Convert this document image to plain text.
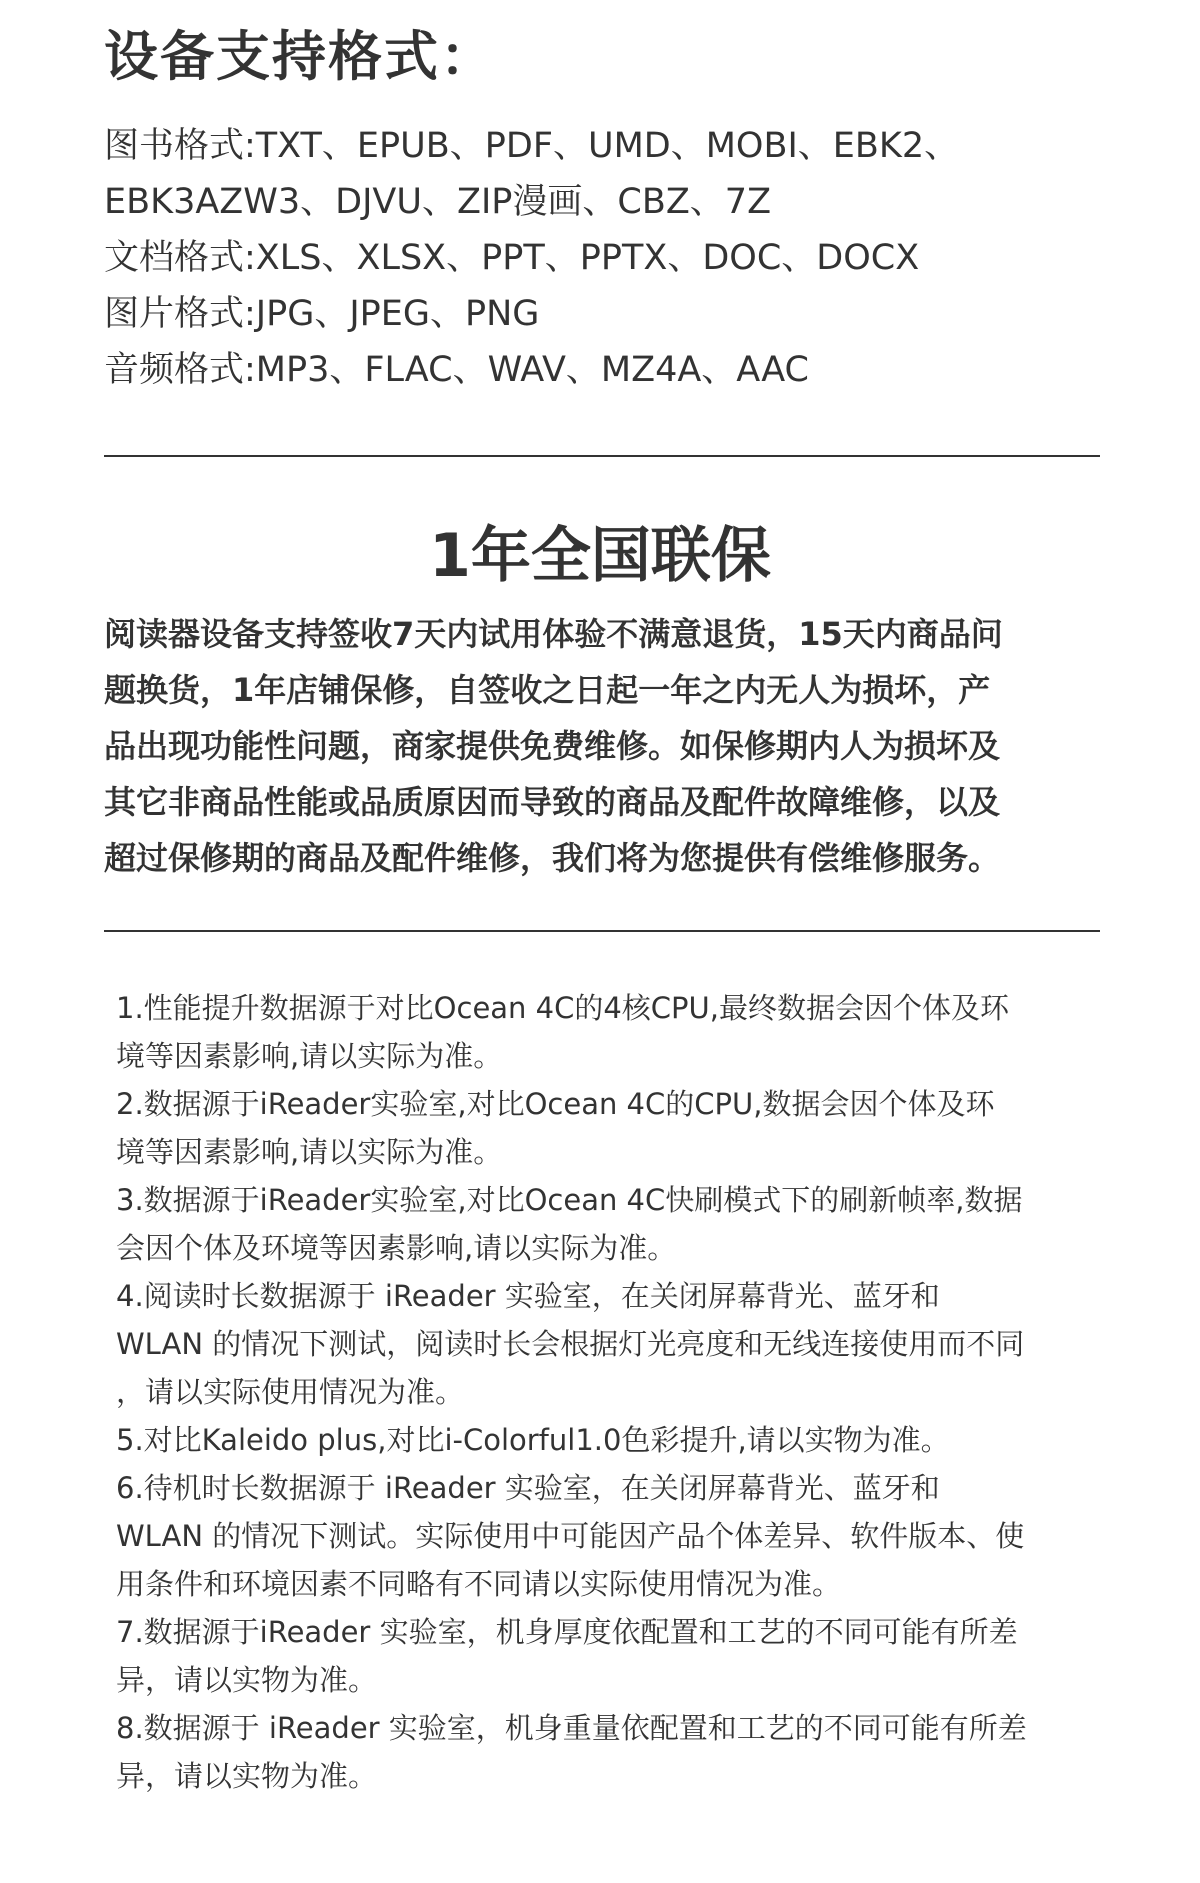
设备支持格式：
图书格式:TXT、EPUB、PDF、UMD、MOBI、EBK2、
EBK3AZW3、DJVU、ZIP漫画、CBZ、7Z
文档格式:XLS、XLSX、PPT、PPTX、DOC、DOCX
图片格式:JPG、JPEG、PNG
音频格式:MP3、FLAC、WAV、MZ4A、AAC
1年全国联保
阅读器设备支持签收7天内试用体验不满意退货，15天内商品问
题换货，1年店铺保修，自签收之日起一年之内无人为损坏，产
品出现功能性问题，商家提供免费维修。如保修期内人为损坏及
其它非商品性能或品质原因而导致的商品及配件故障维修，以及
超过保修期的商品及配件维修，我们将为您提供有偿维修服务。
1.性能提升数据源于对比Ocean 4C的4核CPU,最终数据会因个体及环
境等因素影响,请以实际为准。
2.数据源于iReader实验室,对比Ocean 4C的CPU,数据会因个体及环
境等因素影响,请以实际为准。
3.数据源于iReader实验室,对比Ocean 4C快刷模式下的刷新帧率,数据
会因个体及环境等因素影响,请以实际为准。
4.阅读时长数据源于 iReader 实验室，在关闭屏幕背光、蓝牙和
WLAN 的情况下测试，阅读时长会根据灯光亮度和无线连接使用而不同
，请以实际使用情况为准。
5.对比Kaleido plus,对比i-Colorful1.0色彩提升,请以实物为准。
6.待机时长数据源于 iReader 实验室，在关闭屏幕背光、蓝牙和
WLAN 的情况下测试。实际使用中可能因产品个体差异、软件版本、使
用条件和环境因素不同略有不同请以实际使用情况为准。
7.数据源于iReader 实验室，机身厚度依配置和工艺的不同可能有所差
异，请以实物为准。
8.数据源于 iReader 实验室，机身重量依配置和工艺的不同可能有所差
异，请以实物为准。
